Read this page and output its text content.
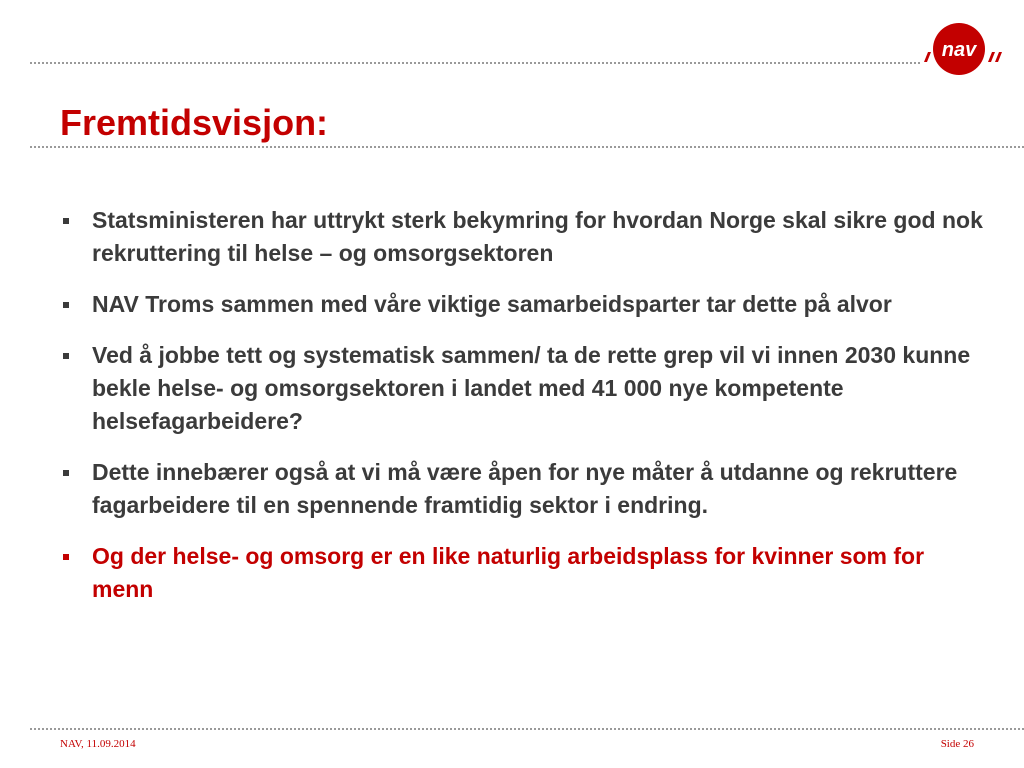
nav
Fremtidsvisjon:
Statsministeren har uttrykt sterk bekymring for hvordan Norge skal sikre god nok rekruttering til helse – og omsorgsektoren
NAV Troms sammen med våre viktige samarbeidsparter tar dette på alvor
Ved å jobbe tett og systematisk sammen/ ta de rette grep vil vi innen 2030 kunne bekle helse- og omsorgsektoren i landet med 41 000 nye kompetente helsefagarbeidere?
Dette innebærer også at vi må være åpen for nye måter å utdanne og rekruttere fagarbeidere til en spennende framtidig sektor i endring.
Og der helse- og omsorg er en like naturlig arbeidsplass for kvinner som for menn
NAV, 11.09.2014	Side 26
